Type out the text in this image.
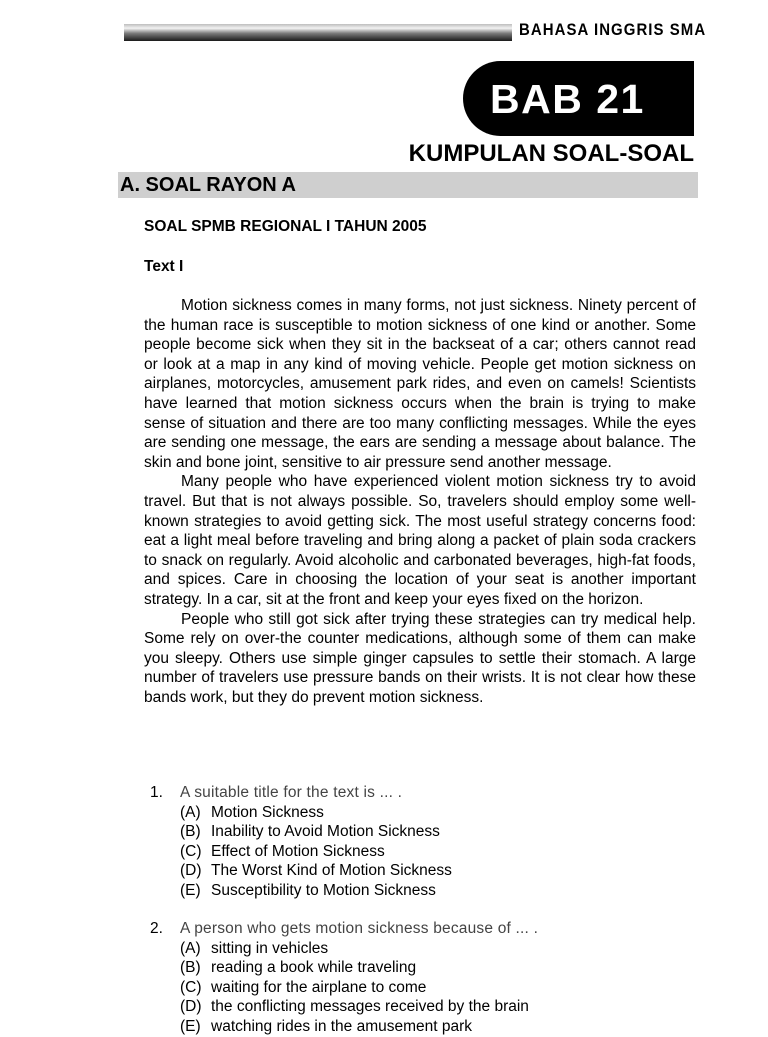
BAHASA INGGRIS SMA
BAB 21
KUMPULAN SOAL-SOAL
A. SOAL RAYON A
SOAL SPMB REGIONAL I TAHUN 2005
Text I

Motion sickness comes in many forms, not just sickness. Ninety percent of the human race is susceptible to motion sickness of one kind or another. Some people become sick when they sit in the backseat of a car; others cannot read or look at a map in any kind of moving vehicle. People get motion sickness on airplanes, motorcycles, amusement park rides, and even on camels! Scientists have learned that motion sickness occurs when the brain is trying to make sense of situation and there are too many conflicting messages. While the eyes are sending one message, the ears are sending a message about balance. The skin and bone joint, sensitive to air pressure send another message.

Many people who have experienced violent motion sickness try to avoid travel. But that is not always possible. So, travelers should employ some well-known strategies to avoid getting sick. The most useful strategy concerns food: eat a light meal before traveling and bring along a packet of plain soda crackers to snack on regularly. Avoid alcoholic and carbonated beverages, high-fat foods, and spices. Care in choosing the location of your seat is another important strategy. In a car, sit at the front and keep your eyes fixed on the horizon.

People who still got sick after trying these strategies can try medical help. Some rely on over-the counter medications, although some of them can make you sleepy. Others use simple ginger capsules to settle their stomach. A large number of travelers use pressure bands on their wrists. It is not clear how these bands work, but they do prevent motion sickness.

1.	A suitable title for the text is ... .
(A) Motion Sickness
(B) Inability to Avoid Motion Sickness
(C) Effect of Motion Sickness
(D) The Worst Kind of Motion Sickness
(E) Susceptibility to Motion Sickness
2.	A person who gets motion sickness because of ... .
(A) sitting in vehicles
(B) reading a book while traveling
(C) waiting for the airplane to come
(D) the conflicting messages received by the brain
(E) watching rides in the amusement park
